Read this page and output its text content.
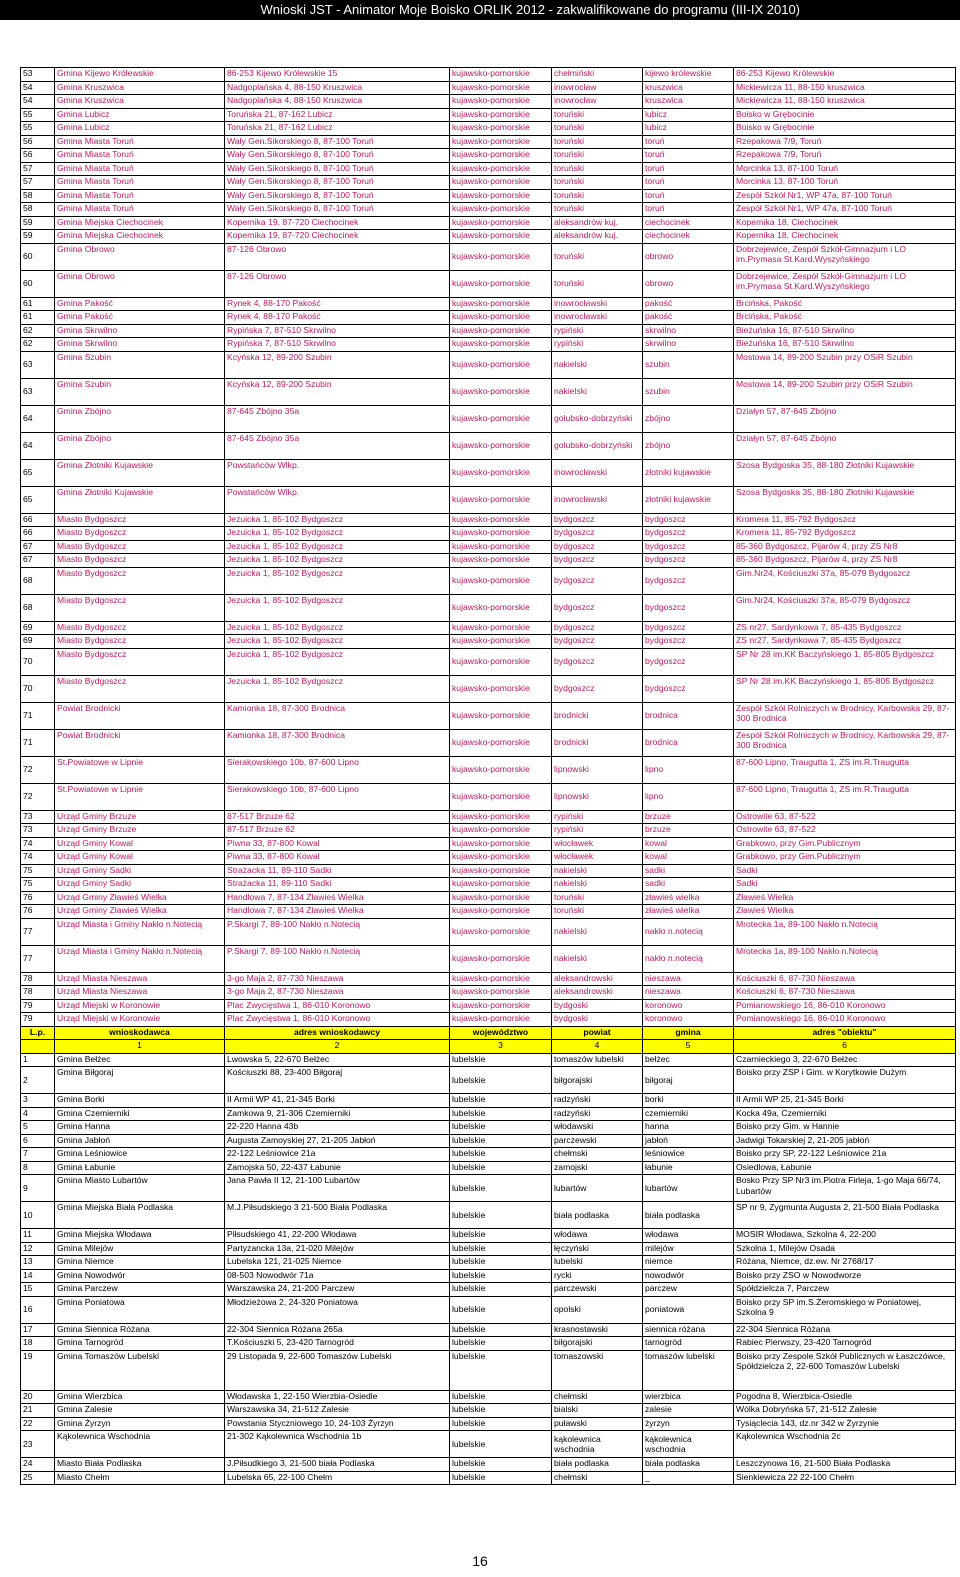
Wnioski JST - Animator Moje Boisko ORLIK 2012 - zakwalifikowane do programu (III-IX 2010)
53	Gmina Kijewo Królewskie	86-253 Kijewo Królewskie 15	kujawsko-pomorskie	chełmiński	kijewo królewskie	86-253 Kijewo Królewskie
54	Gmina Kruszwica	Nadgoplańska 4, 88-150 Kruszwica	kujawsko-pomorskie	inowrocław	kruszwica	Mickiewicza 11, 88-150 kruszwica
54	Gmina Kruszwica	Nadgoplańska 4, 88-150 Kruszwica	kujawsko-pomorskie	inowrocław	kruszwica	Mickiewicza 11, 88-150 kruszwica
55	Gmina Lubicz	Toruńska 21, 87-162 Lubicz	kujawsko-pomorskie	toruński	lubicz	Boisko w Grębocinie
55	Gmina Lubicz	Toruńska 21, 87-162 Lubicz	kujawsko-pomorskie	toruński	lubicz	Boisko w Grębocinie
56	Gmina Miasta Toruń	Wały Gen.Sikorskiego 8, 87-100 Toruń	kujawsko-pomorskie	toruński	toruń	Rzepakowa 7/9, Toruń
56	Gmina Miasta Toruń	Wały Gen.Sikorskiego 8, 87-100 Toruń	kujawsko-pomorskie	toruński	toruń	Rzepakowa 7/9, Toruń
57	Gmina Miasta Toruń	Wały Gen.Sikorskiego 8, 87-100 Toruń	kujawsko-pomorskie	toruński	toruń	Morcinka 13, 87-100 Toruń
57	Gmina Miasta Toruń	Wały Gen.Sikorskiego 8, 87-100 Toruń	kujawsko-pomorskie	toruński	toruń	Morcinka 13, 87-100 Toruń
58	Gmina Miasta Toruń	Wały Gen.Sikorskiego 8, 87-100 Toruń	kujawsko-pomorskie	toruński	toruń	Zespół Szkół Nr1, WP 47a, 87-100 Toruń
58	Gmina Miasta Toruń	Wały Gen.Sikorskiego 8, 87-100 Toruń	kujawsko-pomorskie	toruński	toruń	Zespół Szkół Nr1, WP 47a, 87-100 Toruń
59	Gmina Miejska Ciechocinek	Kopernika 19, 87-720 Ciechocinek	kujawsko-pomorskie	aleksandrów kuj.	ciechocinek	Kopernika 18, Ciechocinek
59	Gmina Miejska Ciechocinek	Kopernika 19, 87-720 Ciechocinek	kujawsko-pomorskie	aleksandrów kuj.	ciechocinek	Kopernika 18, Ciechocinek
60	Gmina Obrowo	87-126 Obrowo	kujawsko-pomorskie	toruński	obrowo	Dobrzejewice, Zespół Szkół-Gimnazjum i LO im.Prymasa St.Kard.Wyszyńskiego
60	Gmina Obrowo	87-126 Obrowo	kujawsko-pomorskie	toruński	obrowo	Dobrzejewice, Zespół Szkół-Gimnazjum i LO im.Prymasa St.Kard.Wyszyńskiego
61	Gmina Pakość	Rynek 4, 88-170 Pakość	kujawsko-pomorskie	inowrocławski	pakość	Brcińska, Pakość
61	Gmina Pakość	Rynek 4, 88-170 Pakość	kujawsko-pomorskie	inowrocławski	pakość	Brcińska, Pakość
62	Gmina Skrwilno	Rypińska 7, 87-510 Skrwilno	kujawsko-pomorskie	rypiński	skrwilno	Bieżuńska 16, 87-510 Skrwilno
62	Gmina Skrwilno	Rypińska 7, 87-510 Skrwilno	kujawsko-pomorskie	rypiński	skrwilno	Bieżuńska 16, 87-510 Skrwilno
63	Gmina Szubin	Kcyńska 12, 89-200 Szubin	kujawsko-pomorskie	nakielski	szubin	Mostowa 14, 89-200 Szubin przy OSiR Szubin
63	Gmina Szubin	Kcyńska 12, 89-200 Szubin	kujawsko-pomorskie	nakielski	szubin	Mostowa 14, 89-200 Szubin przy OSiR Szubin
64	Gmina Zbójno	87-645 Zbójno 35a	kujawsko-pomorskie	golubsko-dobrzyński	zbójno	Działyn 57, 87-645 Zbójno
64	Gmina Zbójno	87-645 Zbójno 35a	kujawsko-pomorskie	golubsko-dobrzyński	zbójno	Działyn 57, 87-645 Zbójno
65	Gmina Złotniki Kujawskie	Powstańców Wlkp.	kujawsko-pomorskie	inowrocławski	złotniki kujawskie	Szosa Bydgoska 35, 88-180 Złotniki Kujawskie
65	Gmina Złotniki Kujawskie	Powstańców Wlkp.	kujawsko-pomorskie	inowrocławski	złotniki kujawskie	Szosa Bydgoska 35, 88-180 Złotniki Kujawskie
66	Miasto Bydgoszcz	Jezuicka 1, 85-102 Bydgoszcz	kujawsko-pomorskie	bydgoszcz	bydgoszcz	Kromera 11, 85-792 Bydgoszcz
66	Miasto Bydgoszcz	Jezuicka 1, 85-102 Bydgoszcz	kujawsko-pomorskie	bydgoszcz	bydgoszcz	Kromera 11, 85-792 Bydgoszcz
67	Miasto Bydgoszcz	Jezuicka 1, 85-102 Bydgoszcz	kujawsko-pomorskie	bydgoszcz	bydgoszcz	85-360 Bydgoszcz, Pijarów 4, przy ZS Nr8
67	Miasto Bydgoszcz	Jezuicka 1, 85-102 Bydgoszcz	kujawsko-pomorskie	bydgoszcz	bydgoszcz	85-360 Bydgoszcz, Pijarów 4, przy ZS Nr8
68	Miasto Bydgoszcz	Jezuicka 1, 85-102 Bydgoszcz	kujawsko-pomorskie	bydgoszcz	bydgoszcz	Gim.Nr24, Kościuszki 37a, 85-079 Bydgoszcz
68	Miasto Bydgoszcz	Jezuicka 1, 85-102 Bydgoszcz	kujawsko-pomorskie	bydgoszcz	bydgoszcz	Gim.Nr24, Kościuszki 37a, 85-079 Bydgoszcz
69	Miasto Bydgoszcz	Jezuicka 1, 85-102 Bydgoszcz	kujawsko-pomorskie	bydgoszcz	bydgoszcz	ZS nr27, Sardynkowa 7, 85-435 Bydgoszcz
69	Miasto Bydgoszcz	Jezuicka 1, 85-102 Bydgoszcz	kujawsko-pomorskie	bydgoszcz	bydgoszcz	ZS nr27, Sardynkowa 7, 85-435 Bydgoszcz
70	Miasto Bydgoszcz	Jezuicka 1, 85-102 Bydgoszcz	kujawsko-pomorskie	bydgoszcz	bydgoszcz	SP Nr 28 im.KK Baczyńskiego 1, 85-805 Bydgoszcz
70	Miasto Bydgoszcz	Jezuicka 1, 85-102 Bydgoszcz	kujawsko-pomorskie	bydgoszcz	bydgoszcz	SP Nr 28 im.KK Baczyńskiego 1, 85-805 Bydgoszcz
71	Powiat Brodnicki	Kamionka 18, 87-300 Brodnica	kujawsko-pomorskie	brodnicki	brodnica	Zespół Szkół Rolniczych w Brodnicy, Karbowska 29, 87-300 Brodnica
71	Powiat Brodnicki	Kamionka 18, 87-300 Brodnica	kujawsko-pomorskie	brodnicki	brodnica	Zespół Szkół Rolniczych w Brodnicy, Karbowska 29, 87-300 Brodnica
72	St.Powiatowe w Lipnie	Sierakowskiego 10b, 87-600 Lipno	kujawsko-pomorskie	lipnowski	lipno	87-600 Lipno, Traugutta 1, ZS im.R.Traugutta
72	St.Powiatowe w Lipnie	Sierakowskiego 10b, 87-600 Lipno	kujawsko-pomorskie	lipnowski	lipno	87-600 Lipno, Traugutta 1, ZS im.R.Traugutta
73	Urząd Gminy Brzuze	87-517 Brzuze 62	kujawsko-pomorskie	rypiński	brzuze	Ostrowite 63, 87-522
73	Urząd Gminy Brzuze	87-517 Brzuze 62	kujawsko-pomorskie	rypiński	brzuze	Ostrowite 63, 87-522
74	Urząd Gminy Kowal	Piwna 33, 87-800 Kowal	kujawsko-pomorskie	włocławek	kowal	Grabkowo, przy Gim.Publicznym
74	Urząd Gminy Kowal	Piwna 33, 87-800 Kowal	kujawsko-pomorskie	włocławek	kowal	Grabkowo, przy Gim.Publicznym
75	Urząd Gminy Sadki	Strażacka 11, 89-110 Sadki	kujawsko-pomorskie	nakielski	sadki	Sadki
75	Urząd Gminy Sadki	Strażacka 11, 89-110 Sadki	kujawsko-pomorskie	nakielski	sadki	Sadki
76	Urząd Gminy Zławieś Wielka	Handlowa 7, 87-134 Zławieś Wielka	kujawsko-pomorskie	toruński	zławieś wielka	Zławieś Wielka
76	Urząd Gminy Zławieś Wielka	Handlowa 7, 87-134 Zławieś Wielka	kujawsko-pomorskie	toruński	zławieś wielka	Zławieś Wielka
77	Urząd Miasta i Gminy Nakło n.Notecią	P.Skargi 7, 89-100 Nakło n.Notecią	kujawsko-pomorskie	nakielski	nakło n.notecią	Mrotecka 1a, 89-100 Nakło n.Notecią
77	Urząd Miasta i Gminy Nakło n.Notecią	P.Skargi 7, 89-100 Nakło n.Notecią	kujawsko-pomorskie	nakielski	nakło n.notecią	Mrotecka 1a, 89-100 Nakło n.Notecią
78	Urząd Miasta Nieszawa	3-go Maja 2, 87-730 Nieszawa	kujawsko-pomorskie	aleksandrowski	nieszawa	Kościuszki 6, 87-730 Nieszawa
78	Urząd Miasta Nieszawa	3-go Maja 2, 87-730 Nieszawa	kujawsko-pomorskie	aleksandrowski	nieszawa	Kościuszki 6, 87-730 Nieszawa
79	Urząd Miejski w Koronowie	Plac Zwycięstwa 1, 86-010 Koronowo	kujawsko-pomorskie	bydgoski	koronowo	Pomianowskiego 16, 86-010 Koronowo
79	Urząd Miejski w Koronowie	Plac Zwycięstwa 1, 86-010 Koronowo	kujawsko-pomorskie	bydgoski	koronowo	Pomianowskiego 16, 86-010 Koronowo
L.p.	wnioskodawca	adres wnioskodawcy	województwo	powiat	gmina	adres "obiektu"
	1	2	3	4	5	6
1	Gmina Bełżec	Lwowska 5, 22-670 Bełżec	lubelskie	tomaszów lubelski	bełżec	Czarnieckiego 3, 22-670 Bełżec
2	Gmina Biłgoraj	Kościuszki 88, 23-400 Biłgoraj	lubelskie	biłgorajski	biłgoraj	Boisko przy ZSP i Gim. w Korytkowie Dużym
3	Gmina Borki	II Armii WP 41, 21-345 Borki	lubelskie	radzyński	borki	II Armii WP 25, 21-345 Borki
4	Gmina Czemierniki	Zamkowa 9, 21-306 Czemierniki	lubelskie	radzyński	czemierniki	Kocka 49a, Czemierniki
5	Gmina Hanna	22-220 Hanna 43b	lubelskie	włodawski	hanna	Boisko przy Gim. w Hannie
6	Gmina Jabłoń	Augusta Zamoyskiej 27, 21-205 Jabłoń	lubelskie	parczewski	jabłoń	Jadwigi Tokarskiej 2, 21-205 jabłoń
7	Gmina Leśniowice	22-122 Leśniowice 21a	lubelskie	chełmski	leśniowice	Boisko przy SP, 22-122 Leśniowice 21a
8	Gmina Łabunie	Zamojska 50, 22-437 Łabunie	lubelskie	zamojski	łabunie	Osiedlowa, Łabunie
9	Gmina Miasto Lubartów	Jana Pawła II 12, 21-100 Lubartów	lubelskie	lubartów	lubartów	Bosko Przy SP Nr3 im.Piotra Firleja, 1-go Maja 66/74, Lubartów
10	Gmina Miejska Biała Podlaska	M.J.Piłsudskiego 3 21-500 Biała Podlaska	lubelskie	biała podlaska	biała podlaska	SP nr 9, Zygmunta Augusta 2, 21-500 Biała Podlaska
11	Gmina Miejska Włodawa	Piłsudskiego 41, 22-200 Włodawa	lubelskie	włodawa	włodawa	MOSIR Włodawa, Szkolna 4, 22-200
12	Gmina Milejów	Partyzancka 13a, 21-020 Milejów	lubelskie	łęczyński	milejów	Szkolna 1, Milejów Osada
13	Gmina Niemce	Lubelska 121, 21-025 Niemce	lubelskie	lubelski	niemce	Różana, Niemce, dz.ew. Nr 2768/17
14	Gmina Nowodwór	08-503 Nowodwór 71a	lubelskie	rycki	nowodwór	Boisko przy ZSO w Nowodworze
15	Gmina Parczew	Warszawska 24, 21-200 Parczew	lubelskie	parczewski	parczew	Spółdzielcza 7, Parczew
16	Gmina Poniatowa	Młodzieżowa 2, 24-320 Poniatowa	lubelskie	opolski	poniatowa	Boisko przy SP im.S.Żeromskiego w Poniatowej, Szkolna 9
17	Gmina Siennica Różana	22-304 Siennica Różana 265a	lubelskie	krasnostawski	siennica różana	22-304 Siennica Różana
18	Gmina Tarnogród	T.Kościuszki 5, 23-420 Tarnogród	lubelskie	biłgorajski	tarnogród	Rabiec Pierwszy, 23-420 Tarnogród
19	Gmina Tomaszów Lubelski	29 Listopada 9, 22-600 Tomaszów Lubelski	lubelskie	tomaszowski	tomaszów lubelski	Boisko przy Zespole Szkół Publicznych w Łaszczówce, Spółdzielcza 2, 22-600 Tomaszów Lubelski
20	Gmina Wierzbica	Włodawska 1, 22-150 Wierzbia-Osiedle	lubelskie	chełmski	wierzbica	Pogodna 8, Wierzbica-Osiedle
21	Gmina Zalesie	Warszawska 34, 21-512 Zalesie	lubelskie	bialski	zalesie	Wólka Dobryńska 57, 21-512 Zalesie
22	Gmina Żyrzyn	Powstania Styczniowego 10, 24-103 Żyrzyn	lubelskie	puławski	żyrzyn	Tysiąclecia 143, dz.nr 342 w Żyrzynie
23	Kąkolewnica Wschodnia	21-302 Kąkolewnica Wschodnia 1b	lubelskie	kąkolewnica wschodnia	kąkolewnica wschodnia	Kąkolewnica Wschodnia 2c
24	Miasto Biała Podlaska	J.Piłsudkiego 3, 21-500 biała Podlaska	lubelskie	biała podlaska	biała podlaska	Leszczynowa 16, 21-500 Biała Podlaska
25	Miasto Chełm	Lubelska 65, 22-100 Chełm	lubelskie	chełmski	_	Sienkiewicza 22 22-100 Chełm
16
